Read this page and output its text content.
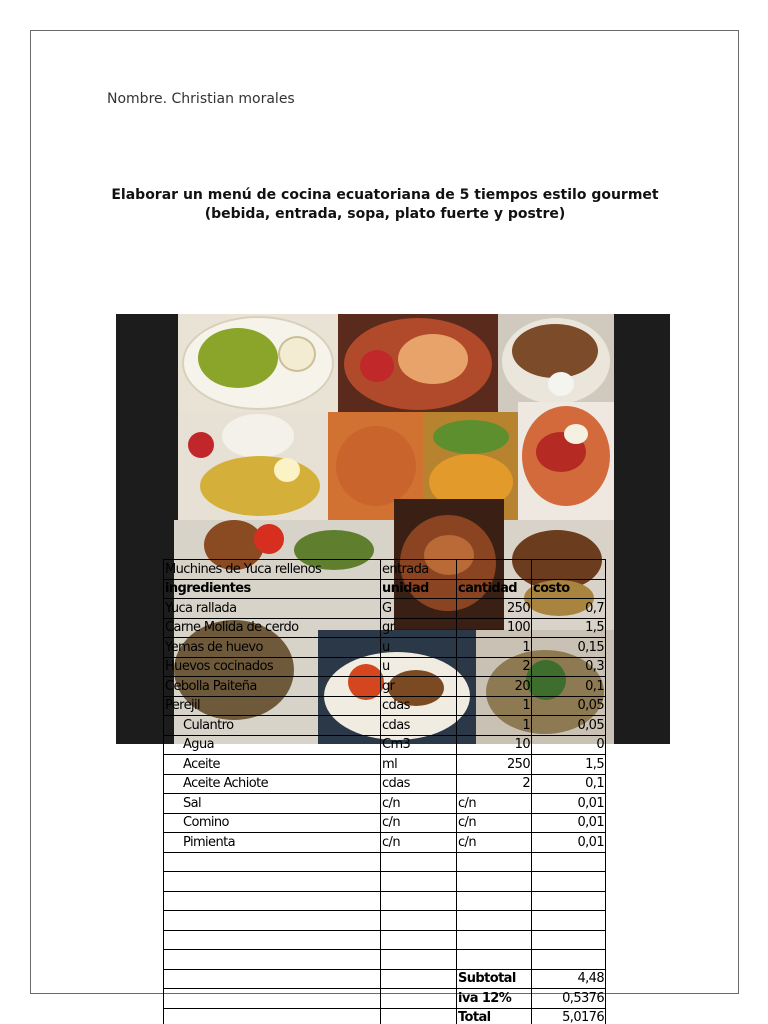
Nombre. Christian morales
Elaborar un menú de cocina ecuatoriana de 5 tiempos estilo gourmet
(bebida, entrada, sopa, plato fuerte y postre)
Muchines de Yuca rellenos	entrada		
ingredientes	unidad	cantidad	costo
Yuca rallada	G	250	0,7
Carne Molida de cerdo	gr	100	1,5
Yemas de huevo	u	1	0,15
Huevos cocinados	u	2	0,3
Cebolla Paiteña	gr	20	0,1
Perejil	cdas	1	0,05
Culantro	cdas	1	0,05
Agua	Cm3	10	0
Aceite	ml	250	1,5
Aceite Achiote	cdas	2	0,1
Sal	c/n	c/n	0,01
Comino	c/n	c/n	0,01
Pimienta	c/n	c/n	0,01

		Subtotal	4,48
		iva 12%	0,5376
		Total	5,0176
